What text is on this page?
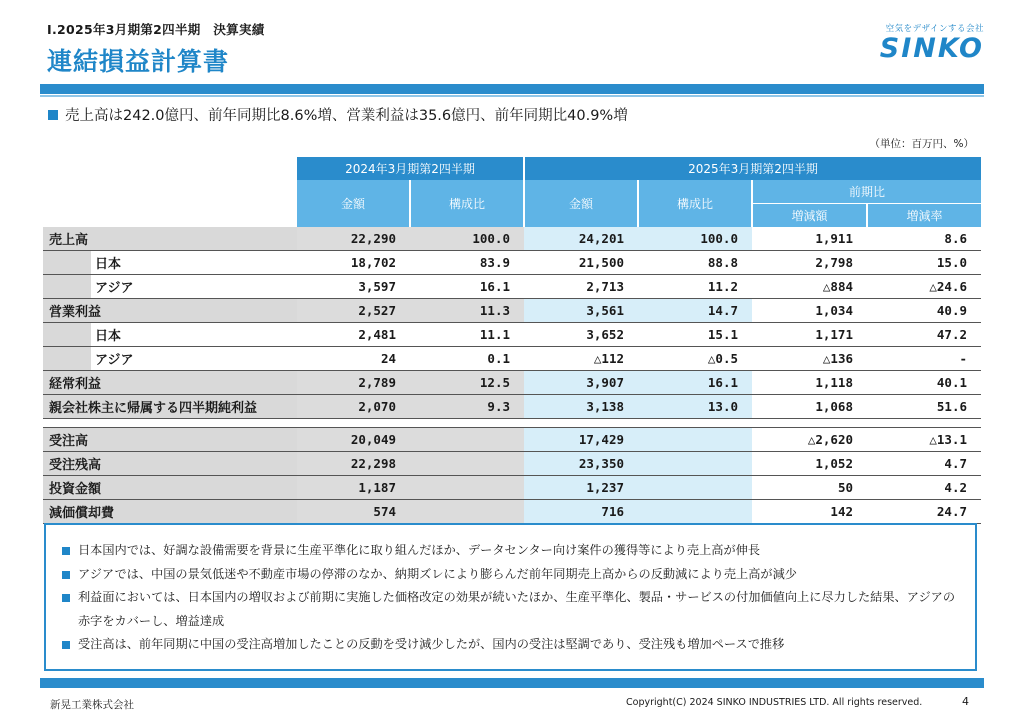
Ⅰ.2025年3月期第2四半期　決算実績
連結損益計算書
空気をデザインする会社
SINKO
売上高は242.0億円、前年同期比8.6%増、営業利益は35.6億円、前年同期比40.9%増
（単位：百万円、%）
		2024年3月期第2四半期		2025年3月期第2四半期			
		金額	構成比	金額	構成比	前期比	
						増減額	増減率
売上高		22,290	100.0	24,201	100.0	1,911	8.6
	日本	18,702	83.9	21,500	88.8	2,798	15.0
	アジア	3,597	16.1	2,713	11.2	△884	△24.6
営業利益		2,527	11.3	3,561	14.7	1,034	40.9
	日本	2,481	11.1	3,652	15.1	1,171	47.2
	アジア	24	0.1	△112	△0.5	△136	-
経常利益		2,789	12.5	3,907	16.1	1,118	40.1
親会社株主に帰属する四半期純利益		2,070	9.3	3,138	13.0	1,068	51.6

受注高		20,049		17,429		△2,620	△13.1
受注残高		22,298		23,350		1,052	4.7
投資金額		1,187		1,237		50	4.2
減価償却費		574		716		142	24.7
日本国内では、好調な設備需要を背景に生産平準化に取り組んだほか、データセンター向け案件の獲得等により売上高が伸長
アジアでは、中国の景気低迷や不動産市場の停滞のなか、納期ズレにより膨らんだ前年同期売上高からの反動減により売上高が減少
利益面においては、日本国内の増収および前期に実施した価格改定の効果が続いたほか、生産平準化、製品・サービスの付加価値向上に尽力した結果、アジアの赤字をカバーし、増益達成
受注高は、前年同期に中国の受注高増加したことの反動を受け減少したが、国内の受注は堅調であり、受注残も増加ペースで推移
新晃工業株式会社	Copyright(C) 2024 SINKO INDUSTRIES LTD. All rights reserved.	4
